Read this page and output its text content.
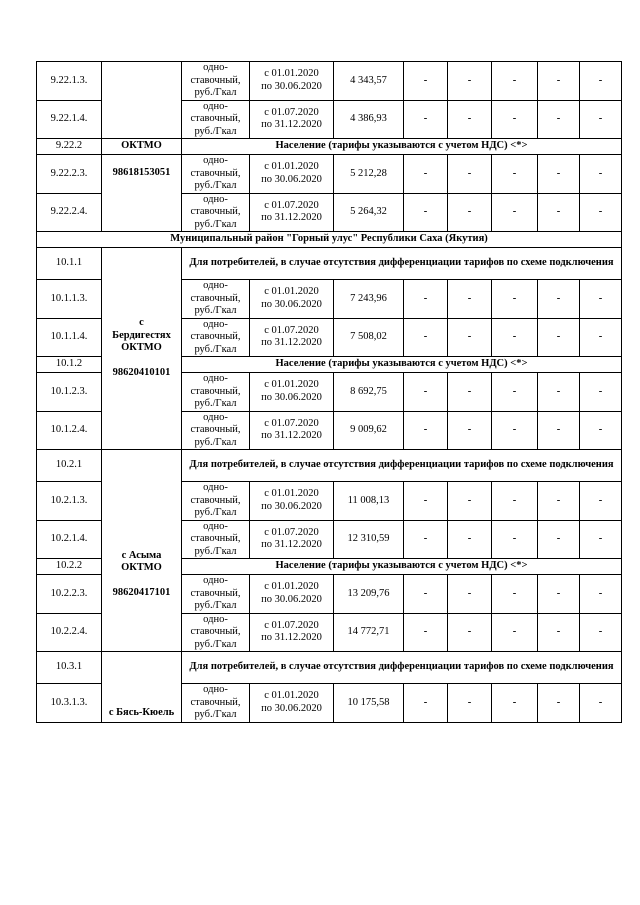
9.22.1.3.		одно-
ставочный,
руб./Гкал	с 01.01.2020
по 30.06.2020	4 343,57	-	-	-	-	-
9.22.1.4.		одно-
ставочный,
руб./Гкал	с 01.07.2020
по 31.12.2020	4 386,93	-	-	-	-	-
9.22.2	ОКТМО	Население (тарифы указываются с учетом НДС) <*>							
9.22.2.3.	98618153051	одно-
ставочный,
руб./Гкал	с 01.01.2020
по 30.06.2020	5 212,28	-	-	-	-	-
9.22.2.4.		одно-
ставочный,
руб./Гкал	с 01.07.2020
по 31.12.2020	5 264,32	-	-	-	-	-
Муниципальный район "Горный улус" Республики Саха (Якутия)									
10.1.1	с
Бердигестях
ОКТМО

98620410101	Для потребителей, в случае отсутствия дифференциации тарифов по схеме подключения							
10.1.1.3.		одно-
ставочный,
руб./Гкал	с 01.01.2020
по 30.06.2020	7 243,96	-	-	-	-	-
10.1.1.4.		одно-
ставочный,
руб./Гкал	с 01.07.2020
по 31.12.2020	7 508,02	-	-	-	-	-
10.1.2		Население (тарифы указываются с учетом НДС) <*>							
10.1.2.3.		одно-
ставочный,
руб./Гкал	с 01.01.2020
по 30.06.2020	8 692,75	-	-	-	-	-
10.1.2.4.		одно-
ставочный,
руб./Гкал	с 01.07.2020
по 31.12.2020	9 009,62	-	-	-	-	-
10.2.1	с Асыма
ОКТМО

98620417101	Для потребителей, в случае отсутствия дифференциации тарифов по схеме подключения							
10.2.1.3.		одно-
ставочный,
руб./Гкал	с 01.01.2020
по 30.06.2020	11 008,13	-	-	-	-	-
10.2.1.4.		одно-
ставочный,
руб./Гкал	с 01.07.2020
по 31.12.2020	12 310,59	-	-	-	-	-
10.2.2		Население (тарифы указываются с учетом НДС) <*>							
10.2.2.3.		одно-
ставочный,
руб./Гкал	с 01.01.2020
по 30.06.2020	13 209,76	-	-	-	-	-
10.2.2.4.		одно-
ставочный,
руб./Гкал	с 01.07.2020
по 31.12.2020	14 772,71	-	-	-	-	-
10.3.1	с Бясь-Кюель	Для потребителей, в случае отсутствия дифференциации тарифов по схеме подключения							
10.3.1.3.		одно-
ставочный,
руб./Гкал	с 01.01.2020
по 30.06.2020	10 175,58	-	-	-	-	-
